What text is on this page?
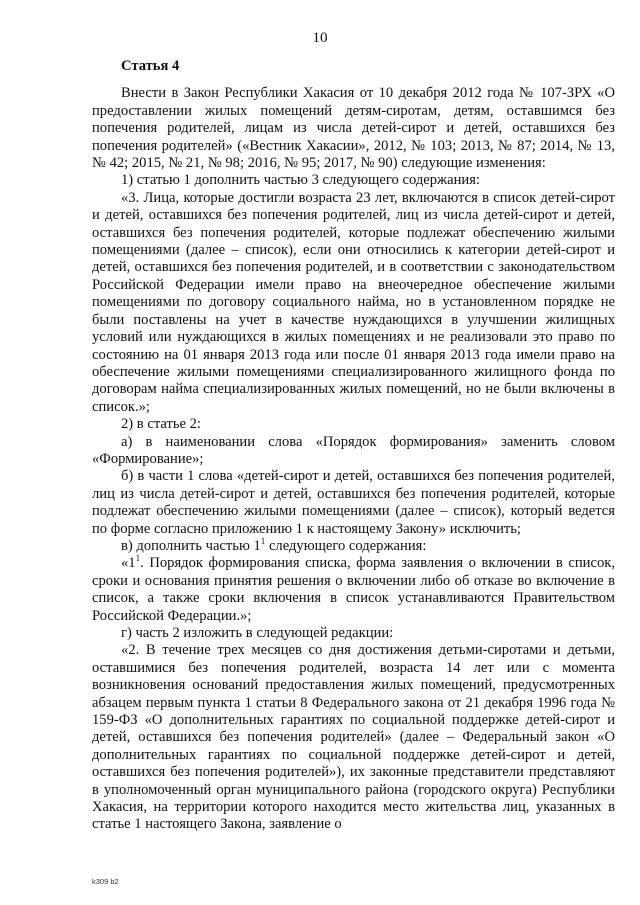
10

Статья 4

Внести в Закон Республики Хакасия от 10 декабря 2012 года № 107-ЗРХ «О предоставлении жилых помещений детям-сиротам, детям, оставшимся без попечения родителей, лицам из числа детей-сирот и детей, оставшихся без попечения родителей» («Вестник Хакасии», 2012, № 103; 2013, № 87; 2014, № 13, № 42; 2015, № 21, № 98; 2016, № 95; 2017, № 90) следующие изменения:

1) статью 1 дополнить частью 3 следующего содержания:

«3. Лица, которые достигли возраста 23 лет, включаются в список детей-сирот и детей, оставшихся без попечения родителей, лиц из числа детей-сирот и детей, оставшихся без попечения родителей, которые подлежат обеспечению жилыми помещениями (далее – список), если они относились к категории детей-сирот и детей, оставшихся без попечения родителей, и в соответствии с законодательством Российской Федерации имели право на внеочередное обеспечение жилыми помещениями по договору социального найма, но в установленном порядке не были поставлены на учет в качестве нуждающихся в улучшении жилищных условий или нуждающихся в жилых помещениях и не реализовали это право по состоянию на 01 января 2013 года или после 01 января 2013 года имели право на обеспечение жилыми помещениями специализированного жилищного фонда по договорам найма специализированных жилых помещений, но не были включены в список.»;

2) в статье 2:

а) в наименовании слова «Порядок формирования» заменить словом «Формирование»;

б) в части 1 слова «детей-сирот и детей, оставшихся без попечения родителей, лиц из числа детей-сирот и детей, оставшихся без попечения родителей, которые подлежат обеспечению жилыми помещениями (далее – список), который ведется по форме согласно приложению 1 к настоящему Закону» исключить;

в) дополнить частью $1^1$ следующего содержания:

«$1^1$. Порядок формирования списка, форма заявления о включении в список, сроки и основания принятия решения о включении либо об отказе во включение в список, а также сроки включения в список устанавливаются Правительством Российской Федерации.»;

г) часть 2 изложить в следующей редакции:

«2. В течение трех месяцев со дня достижения детьми-сиротами и детьми, оставшимися без попечения родителей, возраста 14 лет или с момента возникновения оснований предоставления жилых помещений, предусмотренных абзацем первым пункта 1 статьи 8 Федерального закона от 21 декабря 1996 года № 159-ФЗ «О дополнительных гарантиях по социальной поддержке детей-сирот и детей, оставшихся без попечения родителей» (далее – Федеральный закон «О дополнительных гарантиях по социальной поддержке детей-сирот и детей, оставшихся без попечения родителей»), их законные представители представляют в уполномоченный орган муниципального района (городского округа) Республики Хакасия, на территории которого находится место жительства лиц, указанных в статье 1 настоящего Закона, заявление о

k309 b2
